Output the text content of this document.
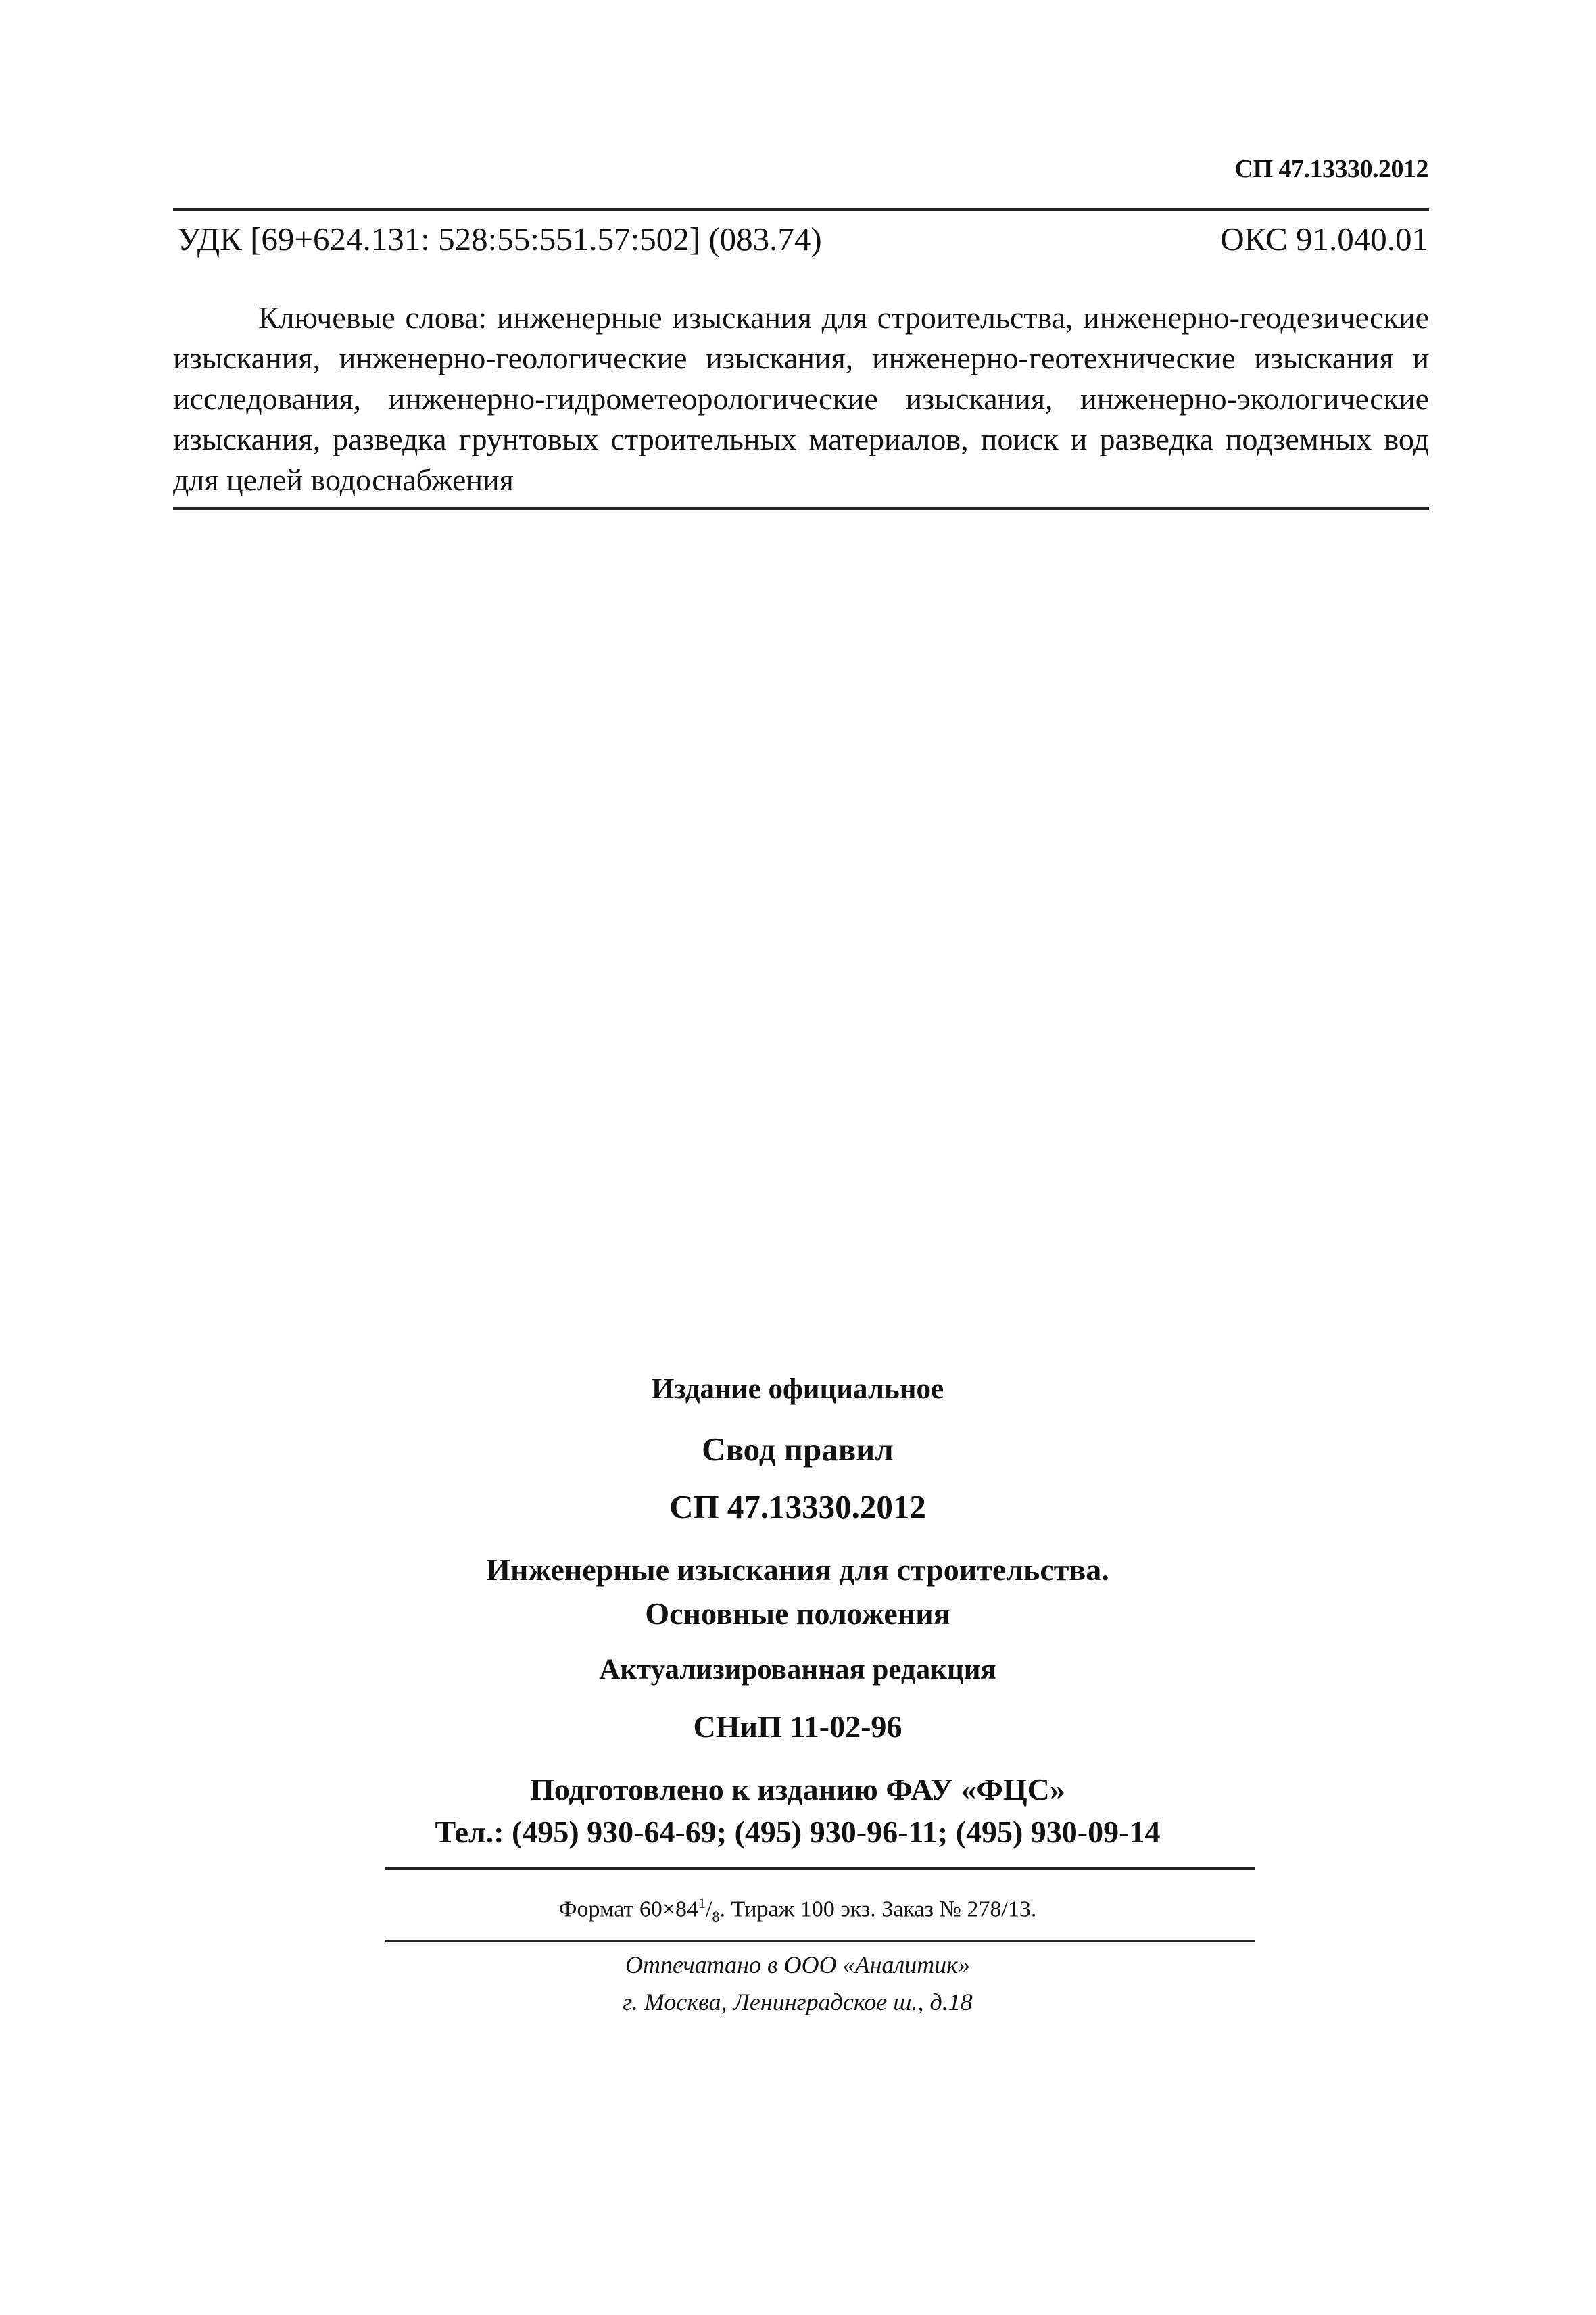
СП 47.13330.2012
УДК [69+624.131: 528:55:551.57:502] (083.74)	ОКС 91.040.01
Ключевые слова: инженерные изыскания для строительства, инженерно-геодезические изыскания, инженерно-геологические изыскания, инженерно-геотехнические изыскания и исследования, инженерно-гидрометеорологические изыскания, инженерно-экологические изыскания, разведка грунтовых строительных материалов, поиск и разведка подземных вод для целей водоснабжения
Издание официальное
Свод правил
СП 47.13330.2012
Инженерные изыскания для строительства.
Основные положения
Актуализированная редакция
СНиП 11-02-96
Подготовлено к изданию ФАУ «ФЦС»
Тел.: (495) 930-64-69; (495) 930-96-11; (495) 930-09-14
Формат $60\times 84^1/_8$. Тираж 100 экз. Заказ № 278/13.
Отпечатано в ООО «Аналитик»
г. Москва, Ленинградское ш., д.18
